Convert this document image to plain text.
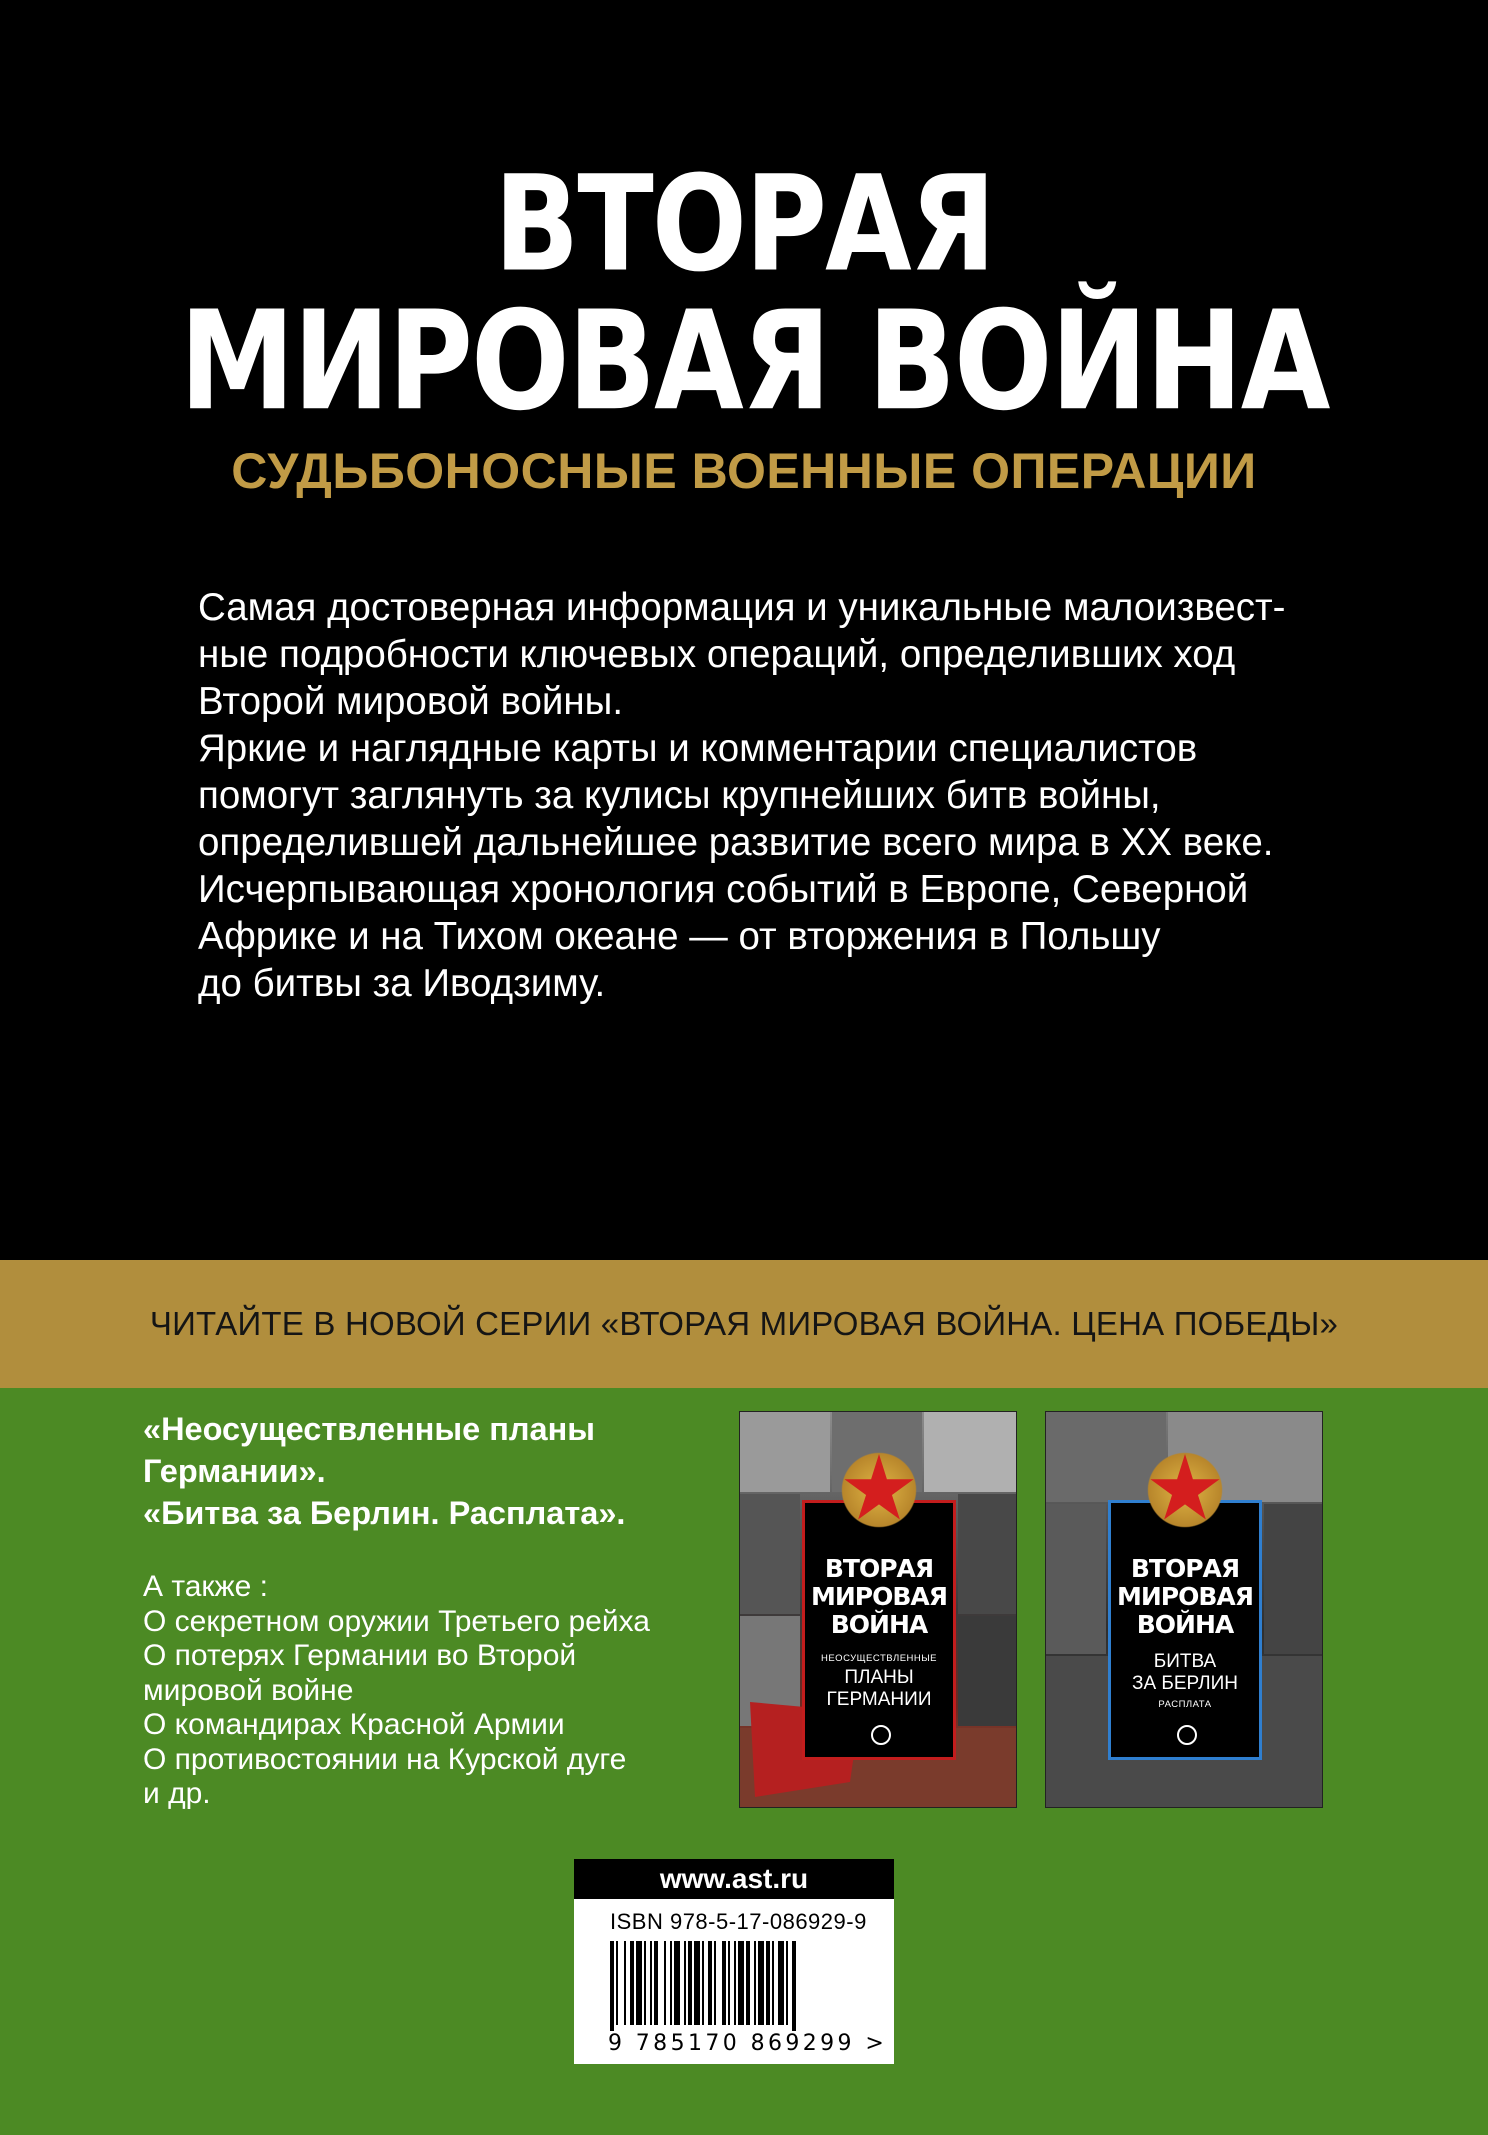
ВТОРАЯ
МИРОВАЯ ВОЙНА
СУДЬБОНОСНЫЕ ВОЕННЫЕ ОПЕРАЦИИ
Самая достоверная информация и уникальные малоизвест-
ные подробности ключевых операций, определивших ход
Второй мировой войны.
Яркие и наглядные карты и комментарии специалистов
помогут заглянуть за кулисы крупнейших битв войны,
определившей дальнейшее развитие всего мира в XX веке.
Исчерпывающая хронология событий в Европе, Северной
Африке и на Тихом океане — от вторжения в Польшу
до битвы за Иводзиму.
ЧИТАЙТЕ В НОВОЙ СЕРИИ «ВТОРАЯ МИРОВАЯ ВОЙНА. ЦЕНА ПОБЕДЫ»
«Неосуществленные планы
Германии».
«Битва за Берлин. Расплата».
А также :
О секретном оружии Третьего рейха
О потерях Германии во Второй
мировой войне
О командирах Красной Армии
О противостоянии на Курской дуге
и др.
ВТОРАЯ
МИРОВАЯ
ВОЙНА
НЕОСУЩЕСТВЛЕННЫЕ
ПЛАНЫ
ГЕРМАНИИ
ВТОРАЯ
МИРОВАЯ
ВОЙНА
БИТВА
ЗА БЕРЛИН
РАСПЛАТА
www.ast.ru
ISBN 978-5-17-086929-9
9 785170 869299 >
